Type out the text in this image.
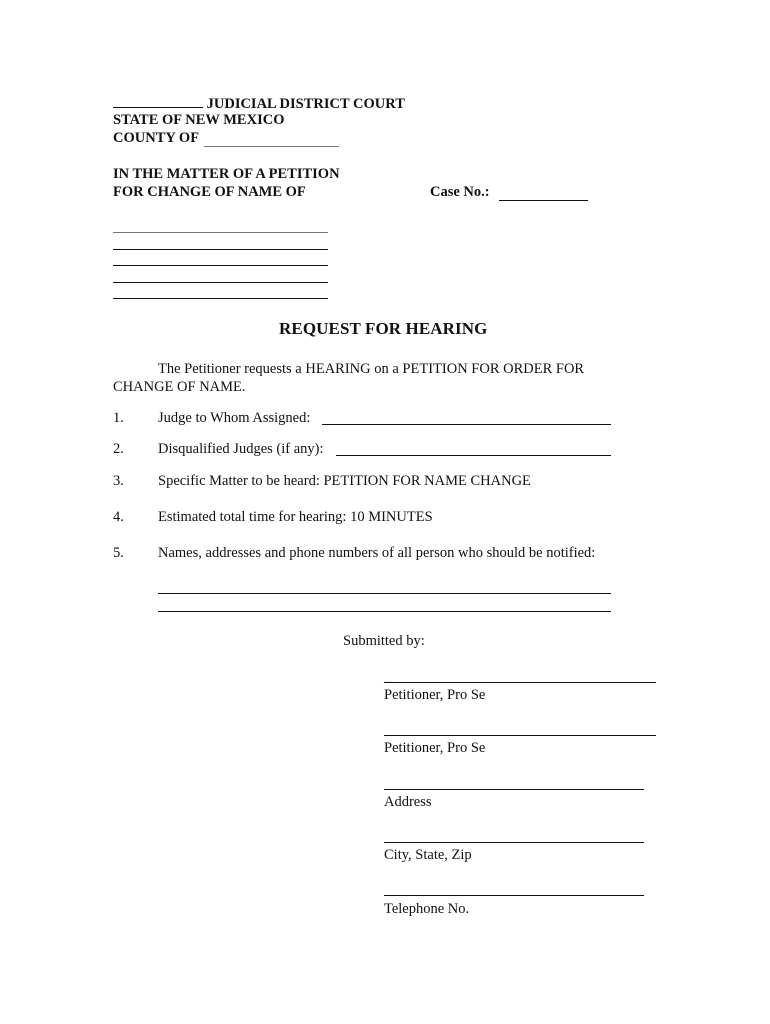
JUDICIAL DISTRICT COURT
STATE OF NEW MEXICO
COUNTY OF
IN THE MATTER OF A PETITION
FOR CHANGE OF NAME OF	Case No.:
REQUEST FOR HEARING
The Petitioner requests a HEARING on a PETITION FOR ORDER FOR
CHANGE OF NAME.
1. Judge to Whom Assigned:
2. Disqualified Judges (if any):
3. Specific Matter to be heard: PETITION FOR NAME CHANGE
4. Estimated total time for hearing: 10 MINUTES
5. Names, addresses and phone numbers of all person who should be notified:
Submitted by:
_
Petitioner, Pro Se
Petitioner, Pro Se
Address
City, State, Zip
Telephone No.
